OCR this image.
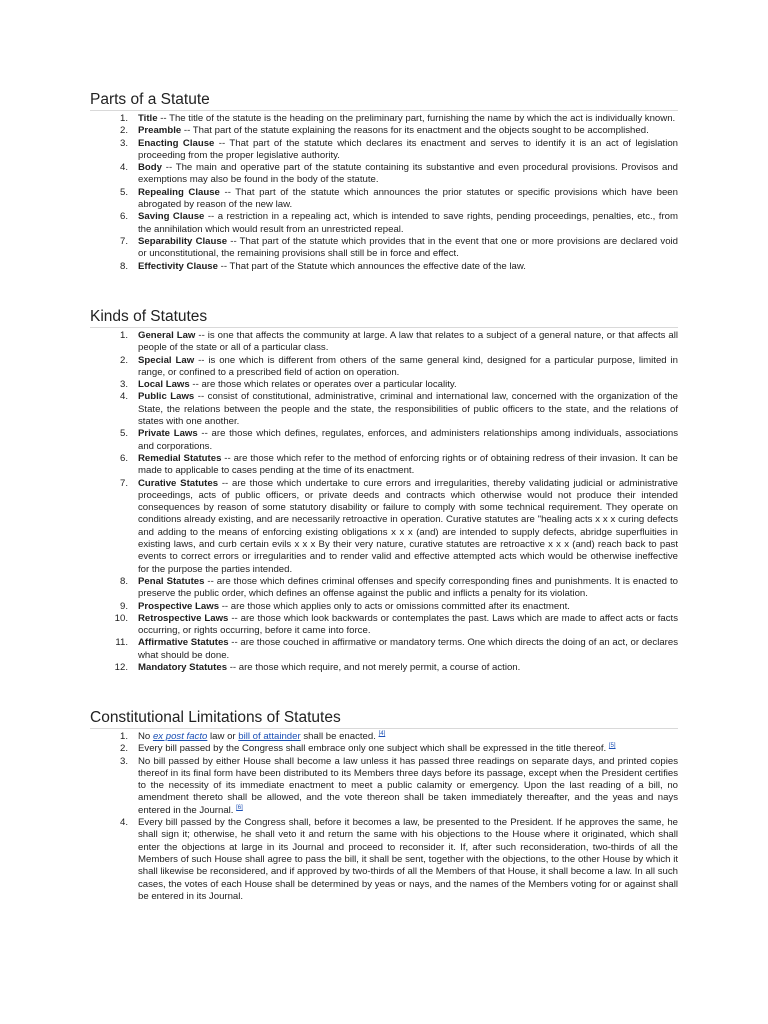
Parts of a Statute
1. Title -- The title of the statute is the heading on the preliminary part, furnishing the name by which the act is individually known.
2. Preamble -- That part of the statute explaining the reasons for its enactment and the objects sought to be accomplished.
3. Enacting Clause -- That part of the statute which declares its enactment and serves to identify it is an act of legislation proceeding from the proper legislative authority.
4. Body -- The main and operative part of the statute containing its substantive and even procedural provisions. Provisos and exemptions may also be found in the body of the statute.
5. Repealing Clause -- That part of the statute which announces the prior statutes or specific provisions which have been abrogated by reason of the new law.
6. Saving Clause -- a restriction in a repealing act, which is intended to save rights, pending proceedings, penalties, etc., from the annihilation which would result from an unrestricted repeal.
7. Separability Clause -- That part of the statute which provides that in the event that one or more provisions are declared void or unconstitutional, the remaining provisions shall still be in force and effect.
8. Effectivity Clause -- That part of the Statute which announces the effective date of the law.
Kinds of Statutes
1. General Law -- is one that affects the community at large. A law that relates to a subject of a general nature, or that affects all people of the state or all of a particular class.
2. Special Law -- is one which is different from others of the same general kind, designed for a particular purpose, limited in range, or confined to a prescribed field of action on operation.
3. Local Laws -- are those which relates or operates over a particular locality.
4. Public Laws -- consist of constitutional, administrative, criminal and international law, concerned with the organization of the State, the relations between the people and the state, the responsibilities of public officers to the state, and the relations of states with one another.
5. Private Laws -- are those which defines, regulates, enforces, and administers relationships among individuals, associations and corporations.
6. Remedial Statutes -- are those which refer to the method of enforcing rights or of obtaining redress of their invasion. It can be made to applicable to cases pending at the time of its enactment.
7. Curative Statutes -- are those which undertake to cure errors and irregularities, thereby validating judicial or administrative proceedings, acts of public officers, or private deeds and contracts which otherwise would not produce their intended consequences by reason of some statutory disability or failure to comply with some technical requirement. They operate on conditions already existing, and are necessarily retroactive in operation. Curative statutes are "healing acts x x x curing defects and adding to the means of enforcing existing obligations x x x (and) are intended to supply defects, abridge superfluities in existing laws, and curb certain evils x x x By their very nature, curative statutes are retroactive x x x (and) reach back to past events to correct errors or irregularities and to render valid and effective attempted acts which would be otherwise ineffective for the purpose the parties intended.
8. Penal Statutes -- are those which defines criminal offenses and specify corresponding fines and punishments. It is enacted to preserve the public order, which defines an offense against the public and inflicts a penalty for its violation.
9. Prospective Laws -- are those which applies only to acts or omissions committed after its enactment.
10. Retrospective Laws -- are those which look backwards or contemplates the past. Laws which are made to affect acts or facts occurring, or rights occurring, before it came into force.
11. Affirmative Statutes -- are those couched in affirmative or mandatory terms. One which directs the doing of an act, or declares what should be done.
12. Mandatory Statutes -- are those which require, and not merely permit, a course of action.
Constitutional Limitations of Statutes
1. No ex post facto law or bill of attainder shall be enacted. [4]
2. Every bill passed by the Congress shall embrace only one subject which shall be expressed in the title thereof. [5]
3. No bill passed by either House shall become a law unless it has passed three readings on separate days, and printed copies thereof in its final form have been distributed to its Members three days before its passage, except when the President certifies to the necessity of its immediate enactment to meet a public calamity or emergency. Upon the last reading of a bill, no amendment thereto shall be allowed, and the vote thereon shall be taken immediately thereafter, and the yeas and nays entered in the Journal. [6]
4. Every bill passed by the Congress shall, before it becomes a law, be presented to the President. If he approves the same, he shall sign it; otherwise, he shall veto it and return the same with his objections to the House where it originated, which shall enter the objections at large in its Journal and proceed to reconsider it. If, after such reconsideration, two-thirds of all the Members of such House shall agree to pass the bill, it shall be sent, together with the objections, to the other House by which it shall likewise be reconsidered, and if approved by two-thirds of all the Members of that House, it shall become a law. In all such cases, the votes of each House shall be determined by yeas or nays, and the names of the Members voting for or against shall be entered in its Journal.
